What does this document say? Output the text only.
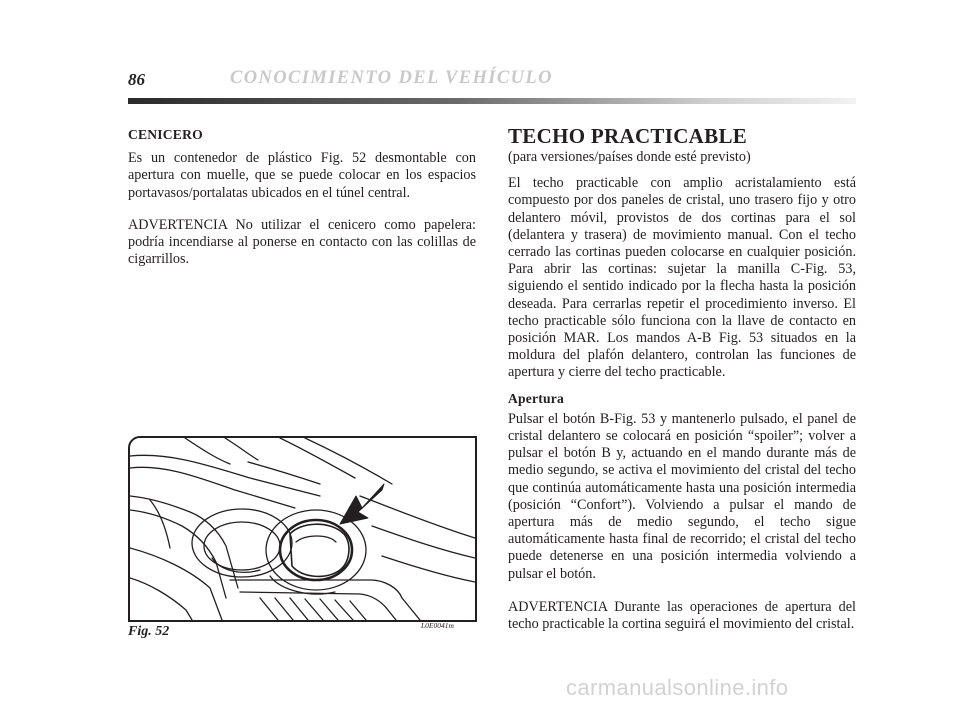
86	CONOCIMIENTO DEL VEHÍCULO
CENICERO

Es un contenedor de plástico Fig. 52 desmontable con apertura con muelle, que se puede colocar en los espacios portavasos/portalatas ubicados en el túnel central.

ADVERTENCIA No utilizar el cenicero como papelera: podría incendiarse al ponerse en contacto con las colillas de cigarrillos.

Fig. 52	L0E0041m
TECHO PRACTICABLE

(para versiones/países donde esté previsto)

El techo practicable con amplio acristalamiento está compuesto por dos paneles de cristal, uno trasero fijo y otro delantero móvil, provistos de dos cortinas para el sol (delantera y trasera) de movimiento manual. Con el techo cerrado las cortinas pueden colocarse en cualquier posición. Para abrir las cortinas: sujetar la manilla C-Fig. 53, siguiendo el sentido indicado por la flecha hasta la posición deseada. Para cerrarlas repetir el procedimiento inverso. El techo practicable sólo funciona con la llave de contacto en posición MAR. Los mandos A-B Fig. 53 situados en la moldura del plafón delantero, controlan las funciones de apertura y cierre del techo practicable.

Apertura

Pulsar el botón B-Fig. 53 y mantenerlo pulsado, el panel de cristal delantero se colocará en posición “spoiler”; volver a pulsar el botón B y, actuando en el mando durante más de medio segundo, se activa el movimiento del cristal del techo que continúa automáticamente hasta una posición intermedia (posición “Confort”). Volviendo a pulsar el mando de apertura más de medio segundo, el techo sigue automáticamente hasta final de recorrido; el cristal del techo puede detenerse en una posición intermedia volviendo a pulsar el botón.

ADVERTENCIA Durante las operaciones de apertura del techo practicable la cortina seguirá el movimiento del cristal.

carmanualsonline.info
